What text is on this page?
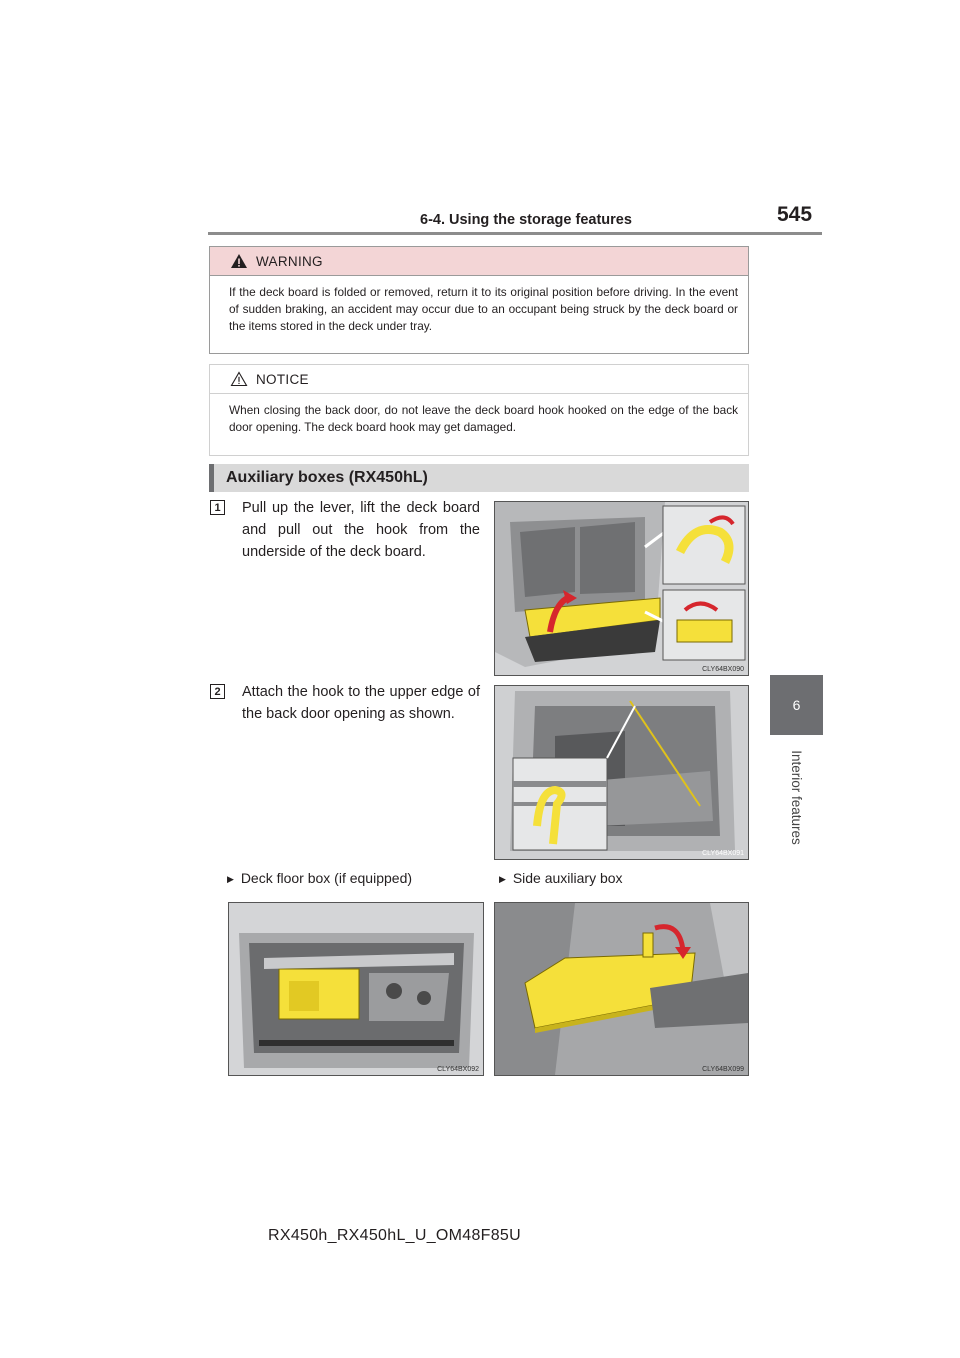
6-4. Using the storage features	545
6
Interior features
WARNING
If the deck board is folded or removed, return it to its original position before driving. In the event of sudden braking, an accident may occur due to an occupant being struck by the deck board or the items stored in the deck under tray.
NOTICE
When closing the back door, do not leave the deck board hook hooked on the edge of the back door opening. The deck board hook may get damaged.
Auxiliary boxes (RX450hL)
1	Pull up the lever, lift the deck board and pull out the hook from the underside of the deck board.
CLY64BX090
2	Attach the hook to the upper edge of the back door opening as shown.
CLY64BX091
▶ Deck floor box (if equipped)	▶ Side auxiliary box
CLY64BX092	CLY64BX099
RX450h_RX450hL_U_OM48F85U
